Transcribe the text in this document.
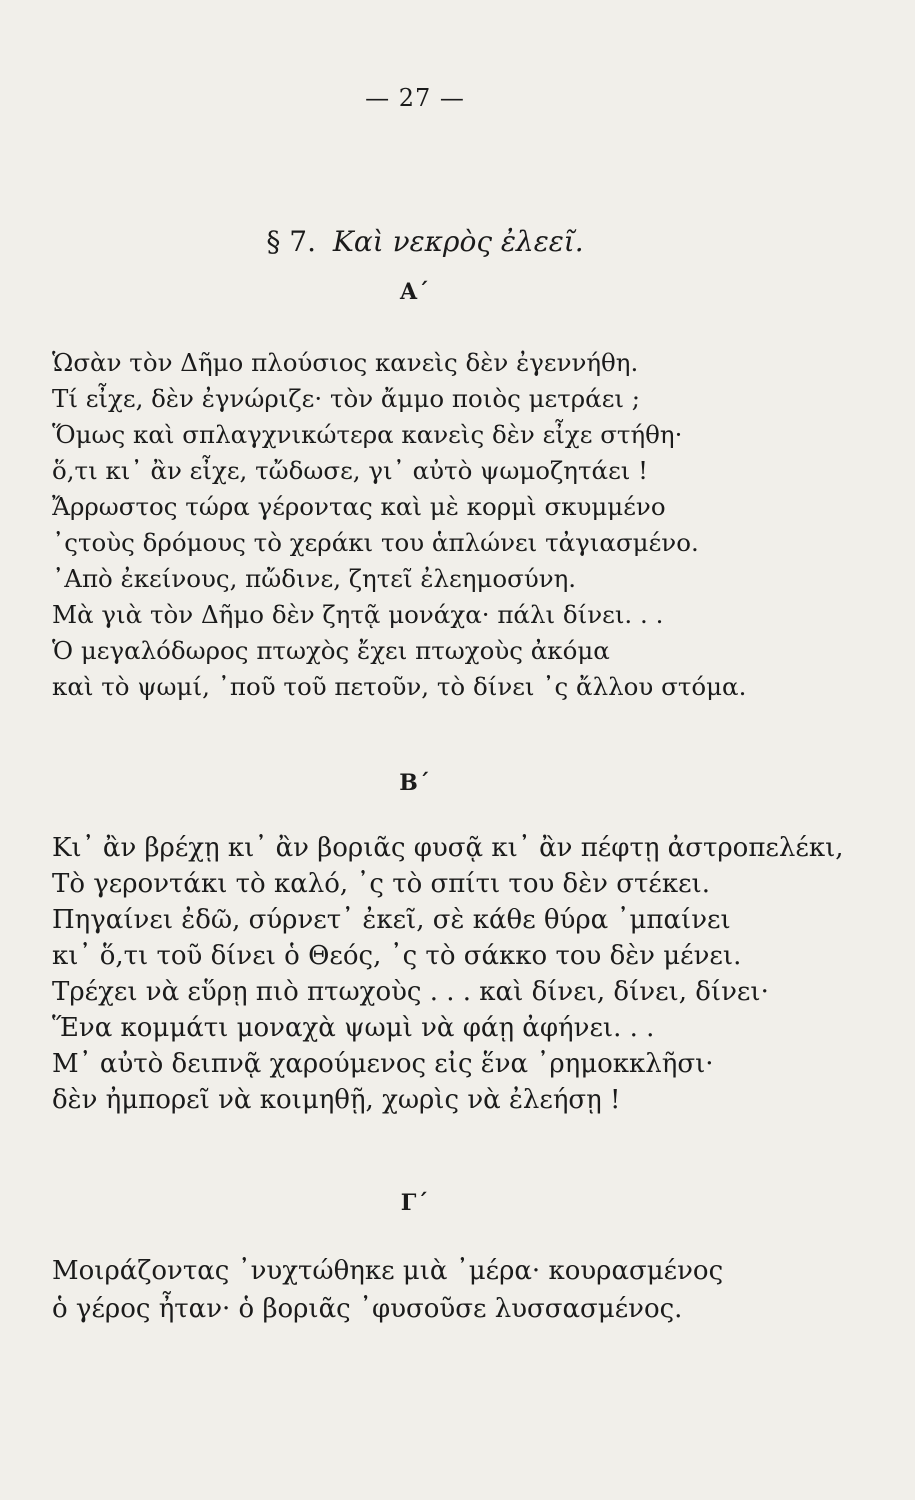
— 27 —
§ 7. Καὶ νεκρὸς ἐλεεῖ.
Α΄
Ὡσὰν τὸν Δῆμο πλούσιος κανεὶς δὲν ἐγεννήθη.
Τί εἶχε, δὲν ἐγνώριζε· τὸν ἄμμο ποιὸς μετράει ;
Ὅμως καὶ σπλαγχνικώτερα κανεὶς δὲν εἶχε στήθη·
ὅ,τι κι᾽ ἂν εἶχε, τὤδωσε, γι᾽ αὐτὸ ψωμοζητάει !
Ἄρρωστος τώρα γέροντας καὶ μὲ κορμὶ σκυμμένο
᾽ςτοὺς δρόμους τὸ χεράκι του ἁπλώνει τἀγιασμένο.
᾽Απὸ ἐκείνους, πὤδινε, ζητεῖ ἐλεημοσύνη.
Μὰ γιὰ τὸν Δῆμο δὲν ζητᾷ μονάχα· πάλι δίνει. . .
Ὁ μεγαλόδωρος πτωχὸς ἔχει πτωχοὺς ἀκόμα
καὶ τὸ ψωμί, ᾽ποῦ τοῦ πετοῦν, τὸ δίνει ᾽ς ἄλλου στόμα.
Β΄
Κι᾽ ἂν βρέχῃ κι᾽ ἂν βοριᾶς φυσᾷ κι᾽ ἂν πέφτῃ ἀστροπελέκι,
Τὸ γεροντάκι τὸ καλό, ᾽ς τὸ σπίτι του δὲν στέκει.
Πηγαίνει ἐδῶ, σύρνετ᾽ ἐκεῖ, σὲ κάθε θύρα ᾽μπαίνει
κι᾽ ὅ,τι τοῦ δίνει ὁ Θεός, ᾽ς τὸ σάκκο του δὲν μένει.
Τρέχει νὰ εὕρῃ πιὸ πτωχοὺς . . . καὶ δίνει, δίνει, δίνει·
Ἕνα κομμάτι μοναχὰ ψωμὶ νὰ φάῃ ἀφήνει. . .
Μ᾽ αὐτὸ δειπνᾷ χαρούμενος εἰς ἕνα ᾽ρημοκκλῆσι·
δὲν ἠμπορεῖ νὰ κοιμηθῇ, χωρὶς νὰ ἐλεήσῃ !
Γ΄
Μοιράζοντας ᾽νυχτώθηκε μιὰ ᾽μέρα· κουρασμένος
ὁ γέρος ἦταν· ὁ βοριᾶς ᾽φυσοῦσε λυσσασμένος.
